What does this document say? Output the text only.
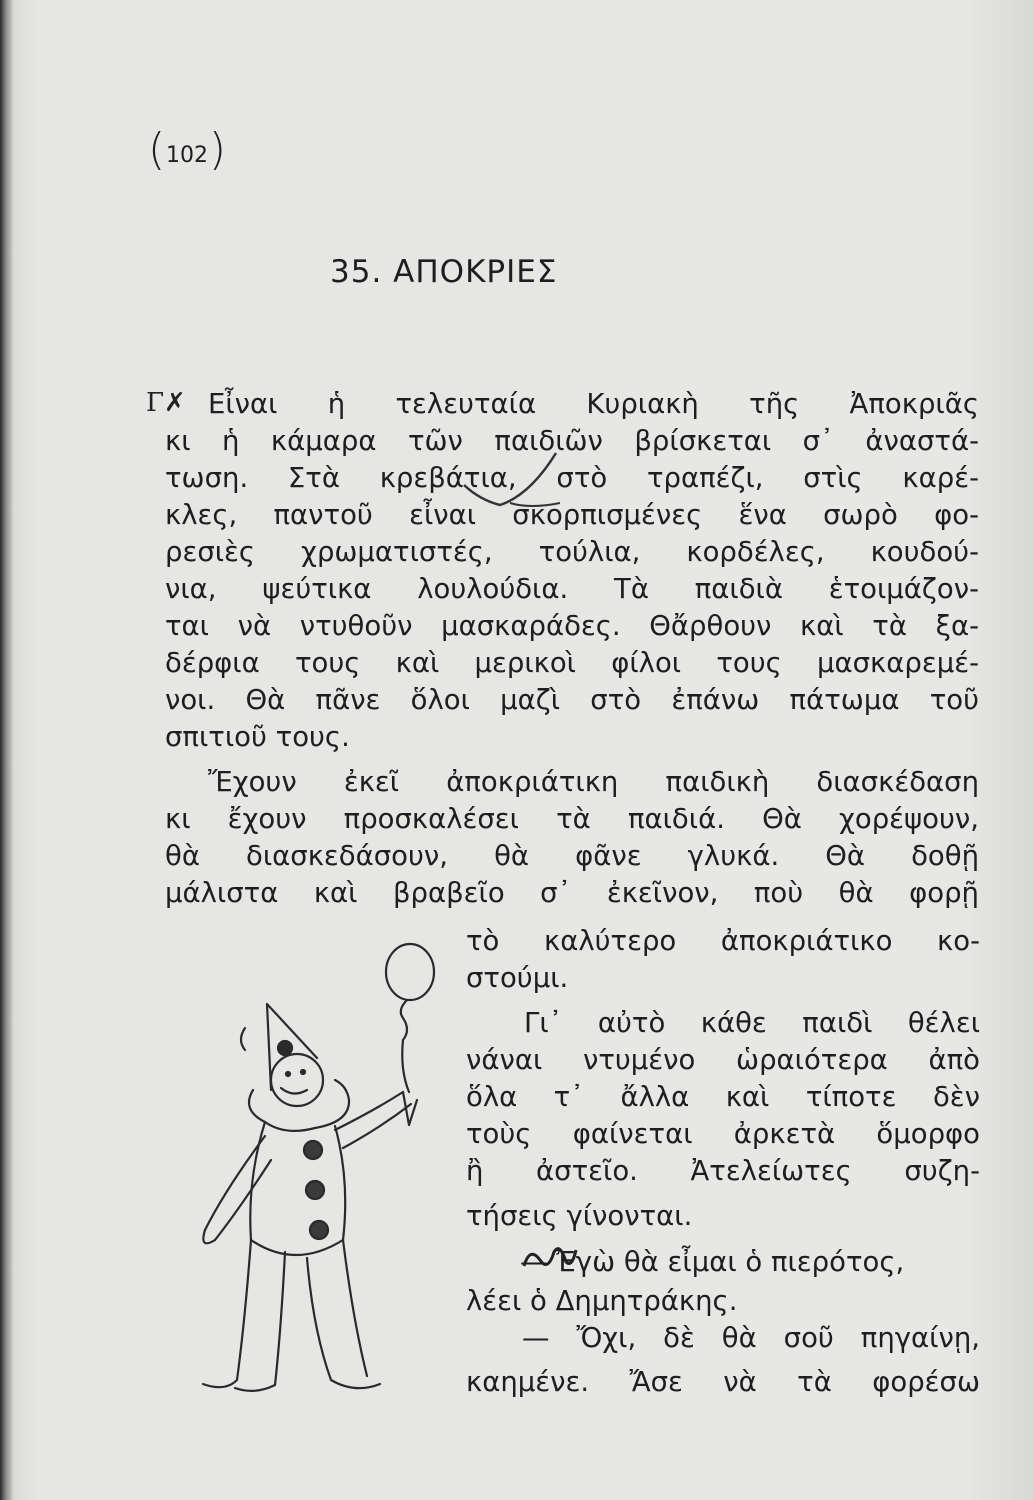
( 102 )
35. ΑΠΟΚΡΙΕΣ
Γ✗ Εἶναι ἡ τελευταία Κυριακὴ τῆς Ἀποκριᾶς
κι ἡ κάμαρα τῶν παιδιῶν βρίσκεται σ᾽ ἀναστά-
τωση. Στὰ κρεβάτια, στὸ τραπέζι, στὶς καρέ-
κλες, παντοῦ εἶναι σκορπισμένες ἕνα σωρὸ φο-
ρεσιὲς χρωματιστές, τούλια, κορδέλες, κουδού-
νια, ψεύτικα λουλούδια. Τὰ παιδιὰ ἑτοιμάζον-
ται νὰ ντυθοῦν μασκαράδες. Θἄρθουν καὶ τὰ ξα-
δέρφια τους καὶ μερικοὶ φίλοι τους μασκαρεμέ-
νοι. Θὰ πᾶνε ὅλοι μαζὶ στὸ ἐπάνω πάτωμα τοῦ
σπιτιοῦ τους.
Ἔχουν ἐκεῖ ἀποκριάτικη παιδικὴ διασκέδαση
κι ἔχουν προσκαλέσει τὰ παιδιά. Θὰ χορέψουν,
θὰ διασκεδάσουν, θὰ φᾶνε γλυκά. Θὰ δοθῇ
μάλιστα καὶ βραβεῖο σ᾽ ἐκεῖνον, ποὺ θὰ φορῇ
τὸ καλύτερο ἀποκριάτικο κο-
στούμι.
Γι᾽ αὐτὸ κάθε παιδὶ θέλει
νάναι ντυμένο ὡραιότερα ἀπὸ
ὅλα τ᾽ ἄλλα καὶ τίποτε δὲν
τοὺς φαίνεται ἀρκετὰ ὅμορφο
ἢ ἀστεῖο. Ἀτελείωτες συζη-
τήσεις γίνονται.
— Ἐγὼ θὰ εἶμαι ὁ πιερότος,
λέει ὁ Δημητράκης.
— Ὄχι, δὲ θὰ σοῦ πηγαίνῃ,
καημένε. Ἄσε νὰ τὰ φορέσω
